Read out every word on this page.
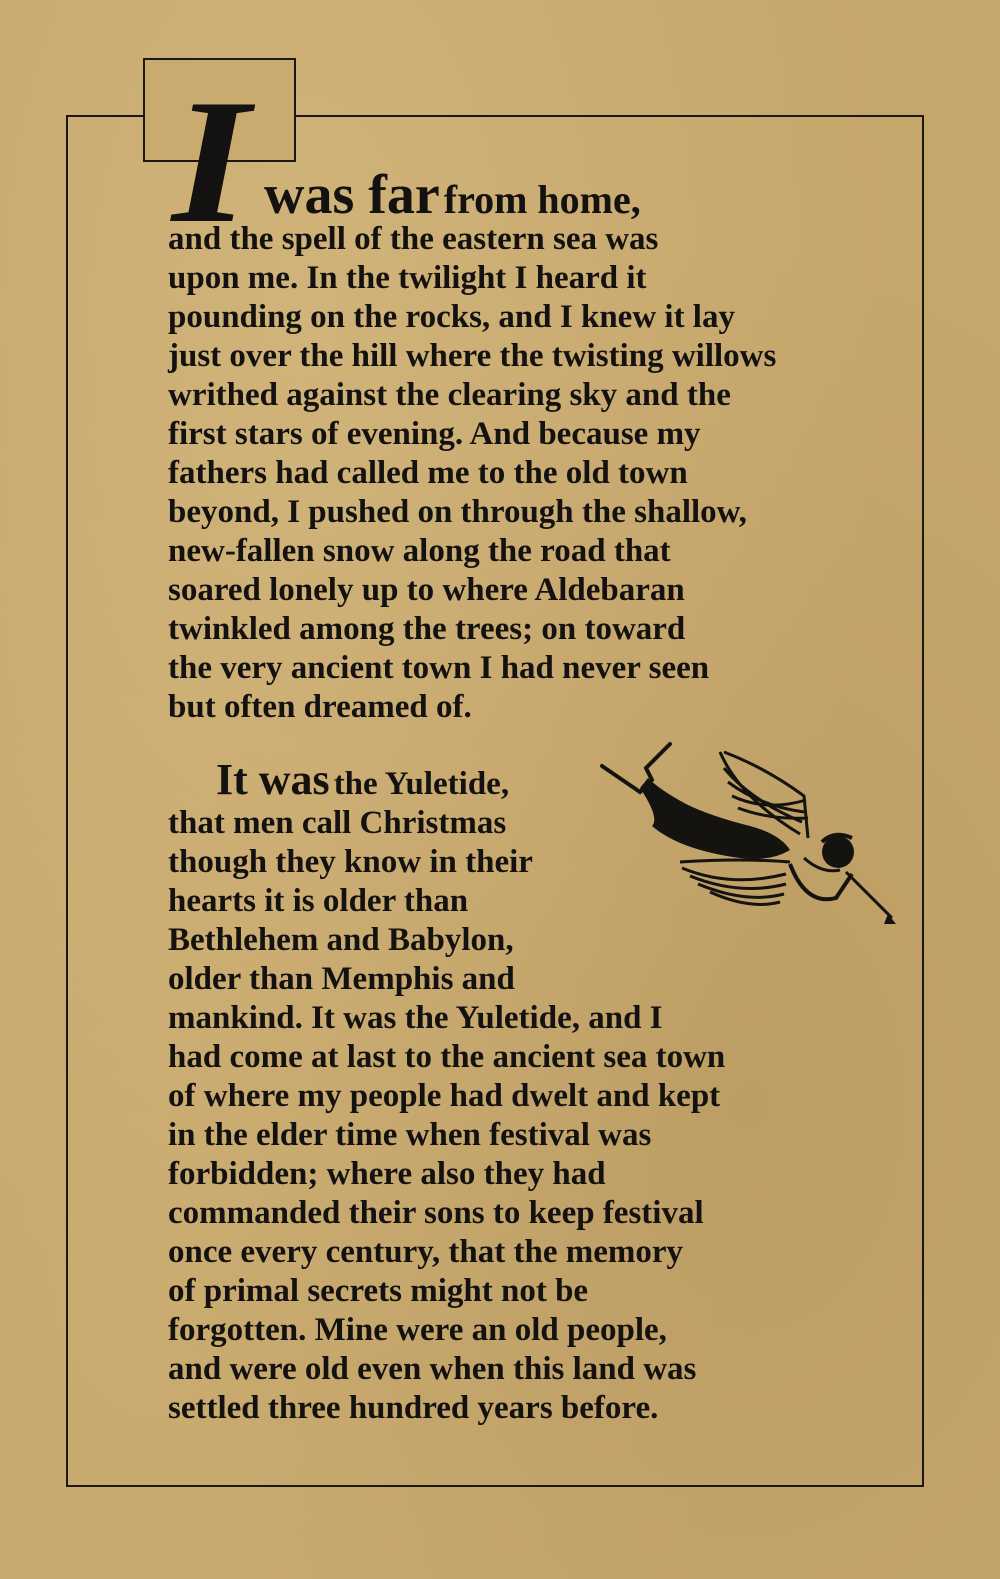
I was far from home,
and the spell of the eastern sea was
upon me. In the twilight I heard it
pounding on the rocks, and I knew it lay
just over the hill where the twisting willows
writhed against the clearing sky and the
first stars of evening. And because my
fathers had called me to the old town
beyond, I pushed on through the shallow,
new-fallen snow along the road that
soared lonely up to where Aldebaran
twinkled among the trees; on toward
the very ancient town I had never seen
but often dreamed of.
It was the Yuletide,
that men call Christmas
though they know in their
hearts it is older than
Bethlehem and Babylon,
older than Memphis and
mankind. It was the Yuletide, and I
had come at last to the ancient sea town
of where my people had dwelt and kept
in the elder time when festival was
forbidden; where also they had
commanded their sons to keep festival
once every century, that the memory
of primal secrets might not be
forgotten. Mine were an old people,
and were old even when this land was
settled three hundred years before.
